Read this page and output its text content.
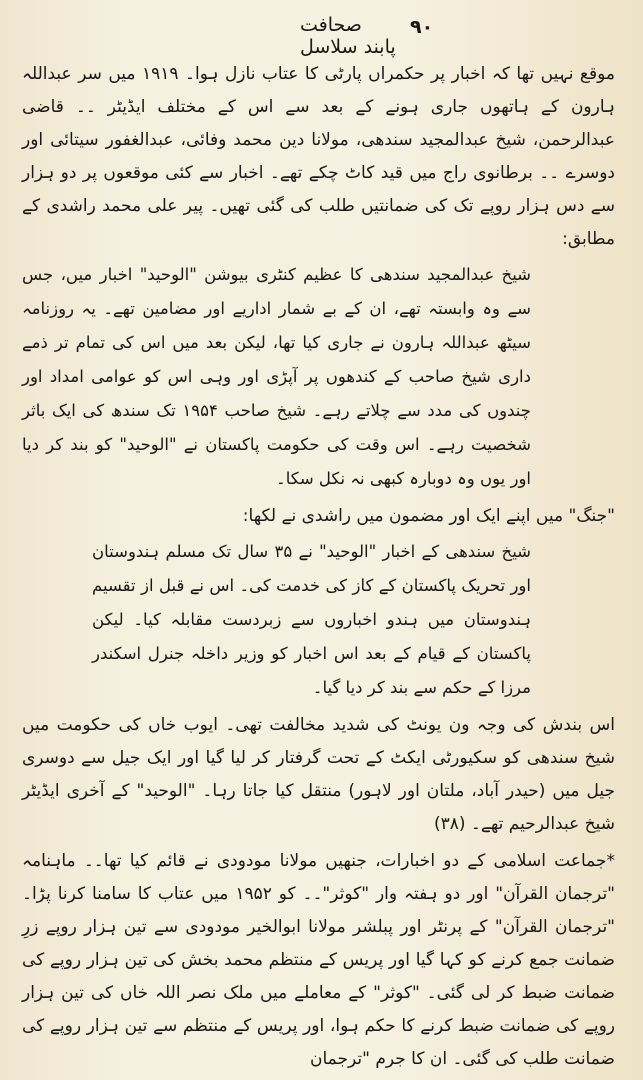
صحافت پابند سلاسل
۹۰

موقع نہیں تھا کہ اخبار پر حکمراں پارٹی کا عتاب نازل ہوا۔ ۱۹۱۹ میں سر عبداللہ ہارون کے ہاتھوں جاری ہونے کے بعد سے اس کے مختلف ایڈیٹر ۔۔ قاضی عبدالرحمن، شیخ عبدالمجید سندھی، مولانا دین محمد وفائی، عبدالغفور سیتائی اور دوسرے ۔۔ برطانوی راج میں قید کاٹ چکے تھے۔ اخبار سے کئی موقعوں پر دو ہزار سے دس ہزار روپے تک کی ضمانتیں طلب کی گئی تھیں۔ پیر علی محمد راشدی کے مطابق:

شیخ عبدالمجید سندھی کا عظیم کنٹری بیوشن "الوحید" اخبار میں، جس سے وہ وابستہ تھے، ان کے بے شمار اداریے اور مضامین تھے۔ یہ روزنامہ سیٹھ عبداللہ ہارون نے جاری کیا تھا، لیکن بعد میں اس کی تمام تر ذمے داری شیخ صاحب کے کندھوں پر آپڑی اور وہی اس کو عوامی امداد اور چندوں کی مدد سے چلاتے رہے۔ شیخ صاحب ۱۹۵۴ تک سندھ کی ایک باثر شخصیت رہے۔ اس وقت کی حکومت پاکستان نے "الوحید" کو بند کر دیا اور یوں وہ دوبارہ کبھی نہ نکل سکا۔

"جنگ" میں اپنے ایک اور مضمون میں راشدی نے لکھا:

شیخ سندھی کے اخبار "الوحید" نے ۳۵ سال تک مسلم ہندوستان اور تحریک پاکستان کے کاز کی خدمت کی۔ اس نے قبل از تقسیم ہندوستان میں ہندو اخباروں سے زبردست مقابلہ کیا۔ لیکن پاکستان کے قیام کے بعد اس اخبار کو وزیر داخلہ جنرل اسکندر مرزا کے حکم سے بند کر دیا گیا۔

اس بندش کی وجہ ون یونٹ کی شدید مخالفت تھی۔ ایوب خاں کی حکومت میں شیخ سندھی کو سکیورٹی ایکٹ کے تحت گرفتار کر لیا گیا اور ایک جیل سے دوسری جیل میں (حیدر آباد، ملتان اور لاہور) منتقل کیا جاتا رہا۔ "الوحید" کے آخری ایڈیٹر شیخ عبدالرحیم تھے۔ (۳۸)

*جماعت اسلامی کے دو اخبارات، جنھیں مولانا مودودی نے قائم کیا تھا۔۔ ماہنامہ "ترجمان القرآن" اور دو ہفتہ وار "کوثر"۔۔ کو ۱۹۵۲ میں عتاب کا سامنا کرنا پڑا۔ "ترجمان القرآن" کے پرنٹر اور پبلشر مولانا ابوالخیر مودودی سے تین ہزار روپے زرِ ضمانت جمع کرنے کو کہا گیا اور پریس کے منتظم محمد بخش کی تین ہزار روپے کی ضمانت ضبط کر لی گئی۔ "کوثر" کے معاملے میں ملک نصر اللہ خاں کی تین ہزار روپے کی ضمانت ضبط کرنے کا حکم ہوا، اور پریس کے منتظم سے تین ہزار روپے کی ضمانت طلب کی گئی۔ ان کا جرم "ترجمان
